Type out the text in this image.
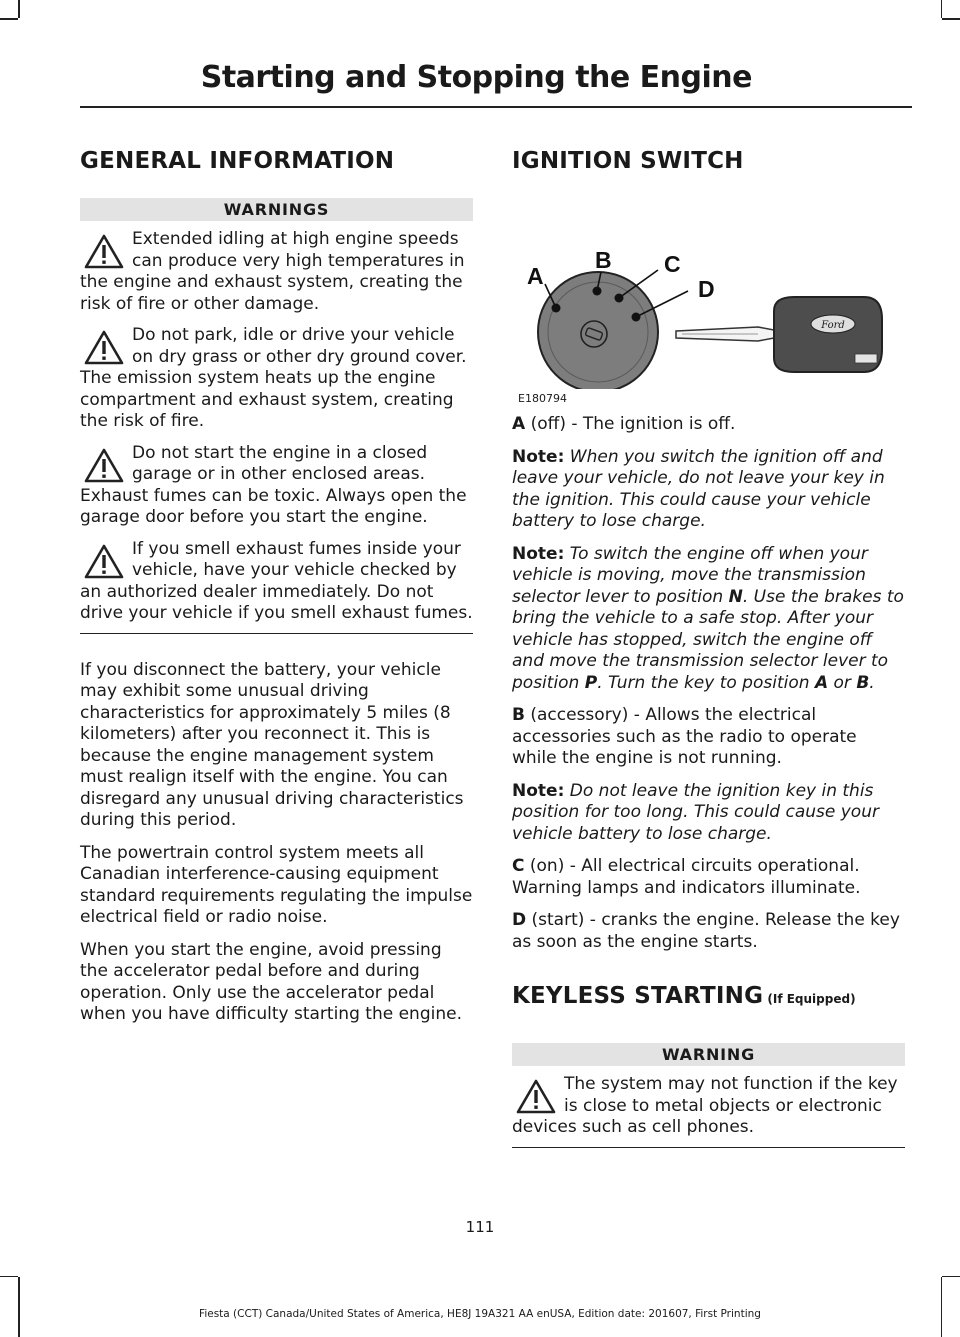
Starting and Stopping the Engine
GENERAL INFORMATION
WARNINGS
Extended idling at high engine speeds can produce very high temperatures in the engine and exhaust system, creating the risk of fire or other damage.
Do not park, idle or drive your vehicle on dry grass or other dry ground cover. The emission system heats up the engine compartment and exhaust system, creating the risk of fire.
Do not start the engine in a closed garage or in other enclosed areas. Exhaust fumes can be toxic. Always open the garage door before you start the engine.
If you smell exhaust fumes inside your vehicle, have your vehicle checked by an authorized dealer immediately. Do not drive your vehicle if you smell exhaust fumes.

If you disconnect the battery, your vehicle may exhibit some unusual driving characteristics for approximately 5 miles (8 kilometers) after you reconnect it. This is because the engine management system must realign itself with the engine. You can disregard any unusual driving characteristics during this period.

The powertrain control system meets all Canadian interference-causing equipment standard requirements regulating the impulse electrical field or radio noise.

When you start the engine, avoid pressing the accelerator pedal before and during operation. Only use the accelerator pedal when you have difficulty starting the engine.

IGNITION SWITCH
Ford
A
B C
D
E180794

A (off) - The ignition is off.

Note: When you switch the ignition off and leave your vehicle, do not leave your key in the ignition. This could cause your vehicle battery to lose charge.

Note: To switch the engine off when your vehicle is moving, move the transmission selector lever to position N. Use the brakes to bring the vehicle to a safe stop. After your vehicle has stopped, switch the engine off and move the transmission selector lever to position P. Turn the key to position A or B.

B (accessory) - Allows the electrical accessories such as the radio to operate while the engine is not running.

Note: Do not leave the ignition key in this position for too long. This could cause your vehicle battery to lose charge.

C (on) - All electrical circuits operational. Warning lamps and indicators illuminate.

D (start) - cranks the engine. Release the key as soon as the engine starts.

KEYLESS STARTING (If Equipped)
WARNING
The system may not function if the key is close to metal objects or electronic devices such as cell phones.
111
Fiesta (CCT) Canada/United States of America, HE8J 19A321 AA enUSA, Edition date: 201607, First Printing
